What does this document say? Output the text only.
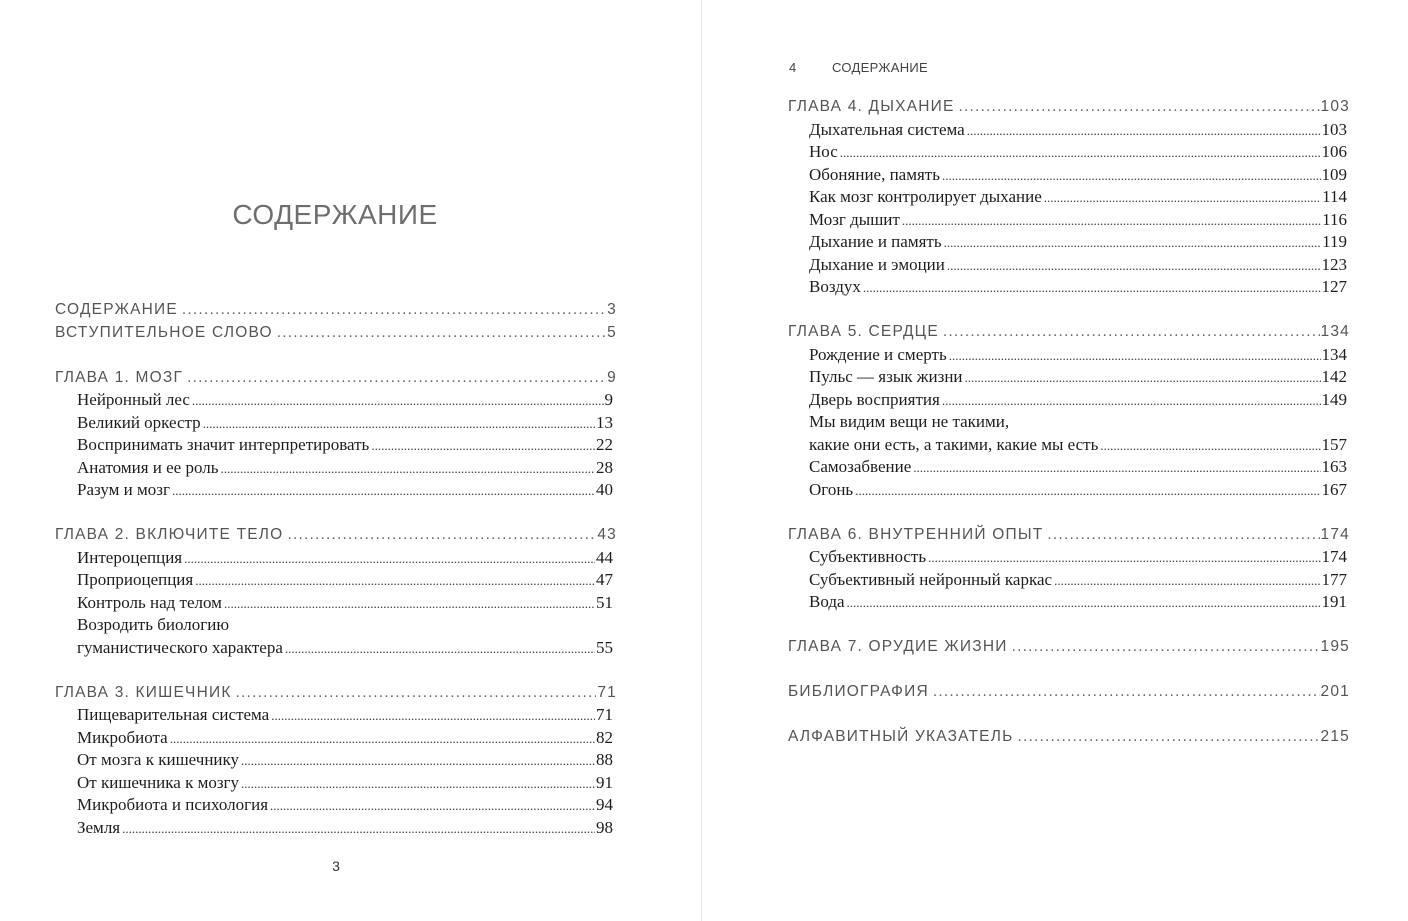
СОДЕРЖАНИЕ
СОДЕРЖАНИЕ .....	3
ВСТУПИТЕЛЬНОЕ СЛОВО .....	5
ГЛАВА 1. МОЗГ .....	9
Нейронный лес .....	9
Великий оркестр .....	13
Воспринимать значит интерпретировать .....	22
Анатомия и ее роль .....	28
Разум и мозг .....	40
ГЛАВА 2. ВКЛЮЧИТЕ ТЕЛО .....	43
Интероцепция .....	44
Проприоцепция .....	47
Контроль над телом .....	51
Возродить биологию
гуманистического характера .....	55
ГЛАВА 3. КИШЕЧНИК .....	71
Пищеварительная система .....	71
Микробиота .....	82
От мозга к кишечнику .....	88
От кишечника к мозгу .....	91
Микробиота и психология .....	94
Земля .....	98
3
4	СОДЕРЖАНИЕ
ГЛАВА 4. ДЫХАНИЕ .....	103
Дыхательная система .....	103
Нос .....	106
Обоняние, память .....	109
Как мозг контролирует дыхание .....	114
Мозг дышит .....	116
Дыхание и память .....	119
Дыхание и эмоции .....	123
Воздух .....	127
ГЛАВА 5. СЕРДЦЕ .....	134
Рождение и смерть .....	134
Пульс — язык жизни .....	142
Дверь восприятия .....	149
Мы видим вещи не такими,
какие они есть, а такими, какие мы есть .....	157
Самозабвение .....	163
Огонь .....	167
ГЛАВА 6. ВНУТРЕННИЙ ОПЫТ .....	174
Субъективность .....	174
Субъективный нейронный каркас .....	177
Вода .....	191
ГЛАВА 7. ОРУДИЕ ЖИЗНИ .....	195
БИБЛИОГРАФИЯ .....	201
АЛФАВИТНЫЙ УКАЗАТЕЛЬ .....	215
